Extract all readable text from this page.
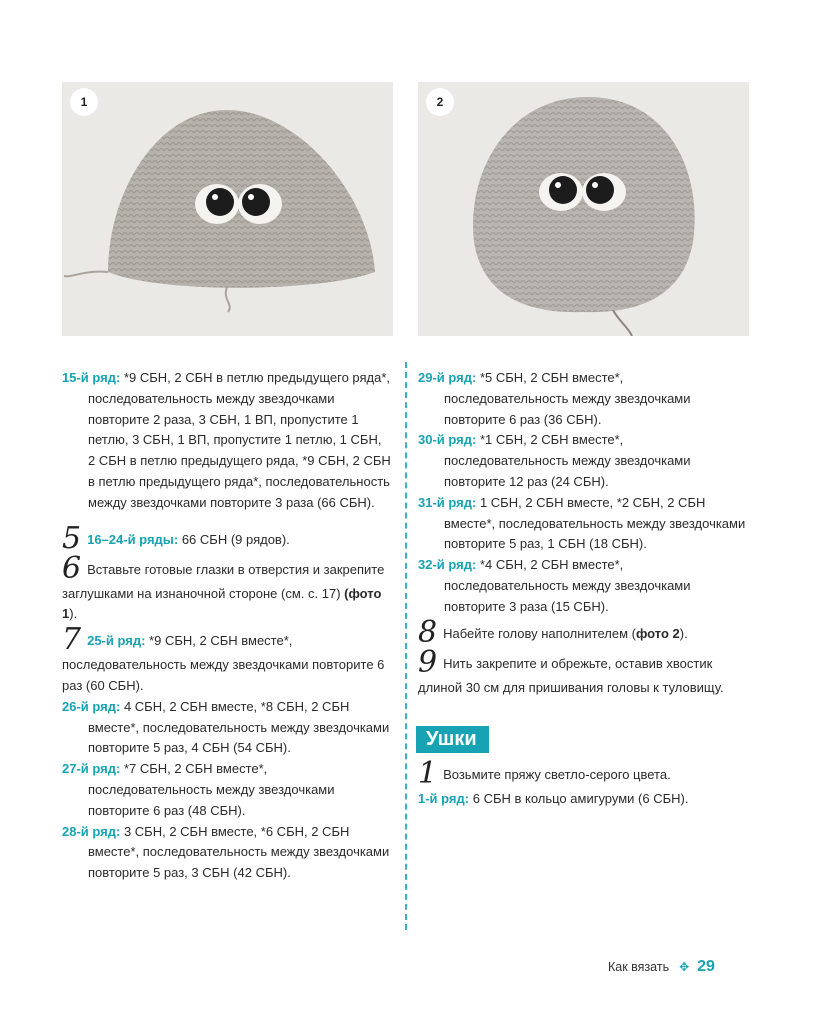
1	2

15-й ряд: *9 СБН, 2 СБН в петлю предыдущего ряда*, последовательность между звездочками повторите 2 раза, 3 СБН, 1 ВП, пропустите 1 петлю, 3 СБН, 1 ВП, пропустите 1 петлю, 1 СБН, 2 СБН в петлю предыдущего ряда, *9 СБН, 2 СБН в петлю предыдущего ряда*, последовательность между звездочками повторите 3 раза (66 СБН).

5 16–24-й ряды: 66 СБН (9 рядов).

6 Вставьте готовые глазки в отверстия и закрепите заглушками на изнаночной стороне (см. с. 17) (фото 1).

7 25-й ряд: *9 СБН, 2 СБН вместе*, последовательность между звездочками повторите 6 раз (60 СБН).

26-й ряд: 4 СБН, 2 СБН вместе, *8 СБН, 2 СБН вместе*, последовательность между звездочками повторите 5 раз, 4 СБН (54 СБН).

27-й ряд: *7 СБН, 2 СБН вместе*, последовательность между звездочками повторите 6 раз (48 СБН).

28-й ряд: 3 СБН, 2 СБН вместе, *6 СБН, 2 СБН вместе*, последовательность между звездочками повторите 5 раз, 3 СБН (42 СБН).

29-й ряд: *5 СБН, 2 СБН вместе*, последовательность между звездочками повторите 6 раз (36 СБН).

30-й ряд: *1 СБН, 2 СБН вместе*, последовательность между звездочками повторите 12 раз (24 СБН).

31-й ряд: 1 СБН, 2 СБН вместе, *2 СБН, 2 СБН вместе*, последовательность между звездочками повторите 5 раз, 1 СБН (18 СБН).

32-й ряд: *4 СБН, 2 СБН вместе*, последовательность между звездочками повторите 3 раза (15 СБН).

8 Набейте голову наполнителем (фото 2).

9 Нить закрепите и обрежьте, оставив хвостик длиной 30 см для пришивания головы к туловищу.

Ушки

1 Возьмите пряжу светло-серого цвета.

1-й ряд: 6 СБН в кольцо амигуруми (6 СБН).

Как вязать ✥ 29
